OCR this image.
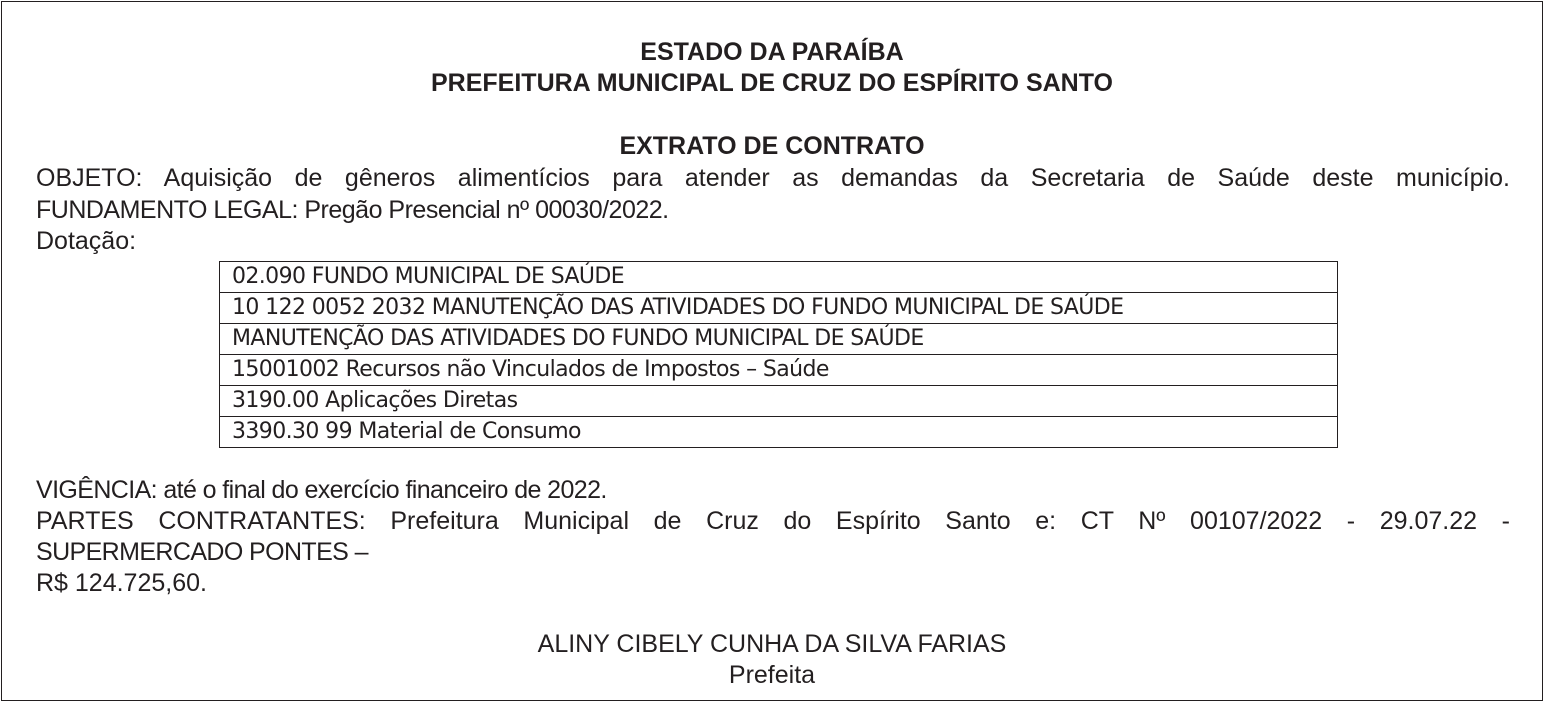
ESTADO DA PARAÍBA
PREFEITURA MUNICIPAL DE CRUZ DO ESPÍRITO SANTO
EXTRATO DE CONTRATO
OBJETO: Aquisição de gêneros alimentícios para atender as demandas da Secretaria de Saúde deste município.
FUNDAMENTO LEGAL: Pregão Presencial nº 00030/2022.
Dotação:
02.090 FUNDO MUNICIPAL DE SAÚDE
10 122 0052 2032 MANUTENÇÃO DAS ATIVIDADES DO FUNDO MUNICIPAL DE SAÚDE
MANUTENÇÃO DAS ATIVIDADES DO FUNDO MUNICIPAL DE SAÚDE
15001002 Recursos não Vinculados de Impostos – Saúde
3190.00 Aplicações Diretas
3390.30 99 Material de Consumo
VIGÊNCIA: até o final do exercício financeiro de 2022.
PARTES CONTRATANTES: Prefeitura Municipal de Cruz do Espírito Santo e: CT Nº 00107/2022 - 29.07.22 -
SUPERMERCADO PONTES –
R$ 124.725,60.
ALINY CIBELY CUNHA DA SILVA FARIAS
Prefeita
